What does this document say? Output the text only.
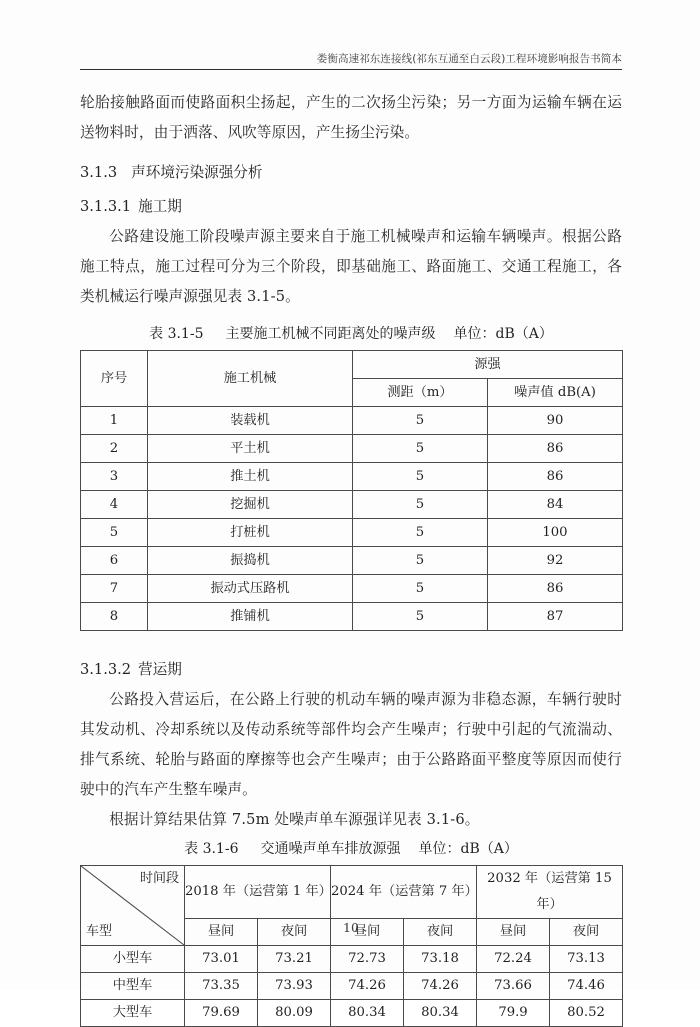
娄衡高速祁东连接线(祁东互通至白云段)工程环境影响报告书简本

轮胎接触路面而使路面积尘扬起，产生的二次扬尘污染；另一方面为运输车辆在运送物料时，由于洒落、风吹等原因，产生扬尘污染。

3.1.3 声环境污染源强分析
3.1.3.1 施工期

公路建设施工阶段噪声源主要来自于施工机械噪声和运输车辆噪声。根据公路施工特点，施工过程可分为三个阶段，即基础施工、路面施工、交通工程施工，各类机械运行噪声源强见表 3.1-5。

表 3.1-5 主要施工机械不同距离处的噪声级 单位：dB（A）
序号	施工机械	源强	
		测距（m）	噪声值 dB(A)
1	装载机	5	90
2	平土机	5	86
3	推土机	5	86
4	挖掘机	5	84
5	打桩机	5	100
6	振捣机	5	92
7	振动式压路机	5	86
8	推铺机	5	87
3.1.3.2 营运期

公路投入营运后，在公路上行驶的机动车辆的噪声源为非稳态源，车辆行驶时其发动机、冷却系统以及传动系统等部件均会产生噪声；行驶中引起的气流湍动、排气系统、轮胎与路面的摩擦等也会产生噪声；由于公路路面平整度等原因而使行驶中的汽车产生整车噪声。

根据计算结果估算 7.5m 处噪声单车源强详见表 3.1-6。

表 3.1-6 交通噪声单车排放源强 单位：dB（A）
时间段
车型	2018 年（运营第 1 年）		2024 年（运营第 7 年）		2032 年（运营第 15 年）	
	昼间	夜间	昼间	夜间	昼间	夜间
小型车	73.01	73.21	72.73	73.18	72.24	73.13
中型车	73.35	73.93	74.26	74.26	73.66	74.46
大型车	79.69	80.09	80.34	80.34	79.9	80.52
10
